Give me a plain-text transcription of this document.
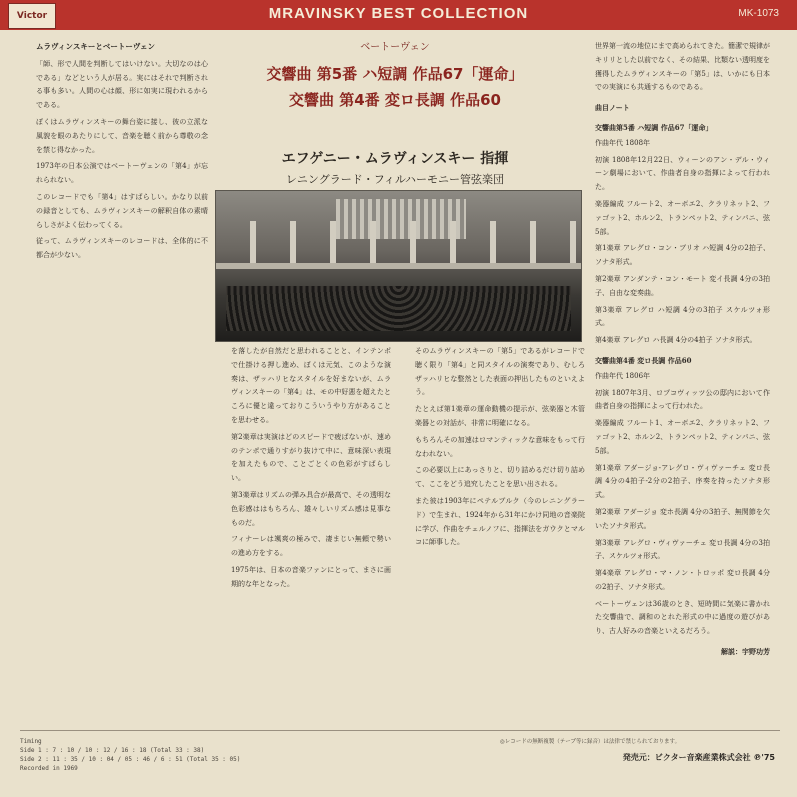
Victor	MRAVINSKY BEST COLLECTION	MK-1073
ベートーヴェン
交響曲 第5番 ハ短調 作品67「運命」
交響曲 第4番 変ロ長調 作品60
エフゲニー・ムラヴィンスキー 指揮
レニングラード・フィルハーモニー管弦楽団
ムラヴィンスキーとベートーヴェン

「師、形で人間を判断してはいけない。大切なのは心である」などという人が居る。実にはそれで判断される事も多い。人間の心は顔、形に如実に現われるからである。

ぼくはムラヴィンスキーの舞台姿に接し、彼の立派な風貌を眼のあたりにして、音楽を聴く前から尊敬の念を禁じ得なかった。

1973年の日本公演ではベートーヴェンの「第4」が忘れられない。

このレコードでも「第4」はすばらしい。かなり以前の録音としても、ムラヴィンスキーの解釈自体の素晴らしさがよく伝わってくる。

従って、ムラヴィンスキーのレコードは、全体的に不都合が少ない。

を落したが自然だと思われることと、インテンポで仕掛ける押し進め、ぼくは元気、このような演奏は、ザッハリヒなスタイルを好まないが、ムラヴィンスキーの「第4」は、モの中好悪を超えたところに優と違っておりこういうやり方があることを思わせる。

第2楽章は実演はどのスピードで疲ばないが、速めのテンポで通りすがり抜けて中に、意味深い表現を加えたもので、ことごとくの色彩がすばらしい。

第3楽章はリズムの弾み具合が最高で、その透明な色彩感ははもちろん、雄々しいリズム感は見事なものだ。

フィナーレは颯爽の極みで、凄まじい無頼で勢いの進め方をする。

1975年は、日本の音楽ファンにとって、まさに画期的な年となった。

そのムラヴィンスキーの「第5」であるがレコードで聴く限り「第4」と同スタイルの演奏であり、むしろザッハリヒな整然とした表面の押出したものといえよう。

たとえば第1楽章の運命動機の提示が、弦楽器と木管楽器との対話が、非常に明確になる。

もちろんその加速はロマンティックな意味をもって行なわれない。

この必要以上にあっさりと、切り詰めるだけ切り詰めて、ここをどう追究したことを思い出される。

また彼は1903年にペテルブルク（今のレニングラード）で生まれ、1924年から31年にかけ同地の音楽院に学び、作曲をチェルノフに、指揮法をガウクとマルコに師事した。

世界第一流の地位にまで高められてきた。簡潔で規律がキリリとした以前でなく、その結果、比類ない透明度を獲得したムラヴィンスキーの「第5」は、いかにも日本での実演にも共通するものである。

曲目ノート
交響曲第5番 ハ短調 作品67「運命」

作曲年代 1808年

初演 1808年12月22日、ウィーンのアン・デル・ウィーン劇場において、作曲者自身の指揮によって行われた。

楽器編成 フルート2、オーボエ2、クラリネット2、ファゴット2、ホルン2、トランペット2、ティンパニ、弦5部。

第1楽章 アレグロ・コン・ブリオ ハ短調 4分の2拍子、ソナタ形式。

第2楽章 アンダンテ・コン・モート 変イ長調 4分の3拍子、自由な変奏曲。

第3楽章 アレグロ ハ短調 4分の3拍子 スケルツォ形式。

第4楽章 アレグロ ハ長調 4分の4拍子 ソナタ形式。

交響曲第4番 変ロ長調 作品60

作曲年代 1806年

初演 1807年3月、ロプコヴィッツ公の邸内において作曲者自身の指揮によって行われた。

楽器編成 フルート1、オーボエ2、クラリネット2、ファゴット2、ホルン2、トランペット2、ティンパニ、弦5部。

第1楽章 アダージョ-アレグロ・ヴィヴァーチェ 変ロ長調 4分の4拍子-2分の2拍子、序奏を持ったソナタ形式。

第2楽章 アダージョ 変ホ長調 4分の3拍子、無関節を欠いたソナタ形式。

第3楽章 アレグロ・ヴィヴァーチェ 変ロ長調 4分の3拍子、スケルツォ形式。

第4楽章 アレグロ・マ・ノン・トロッポ 変ロ長調 4分の2拍子、ソナタ形式。

ベートーヴェンは36歳のとき、短時間に気楽に書かれた交響曲で、調和のとれた形式の中に過度の遊びがあり、古人好みの音楽といえるだろう。

解説：宇野功芳
Timing
Side 1 : 7 : 10 / 10 : 12 / 16 : 18 (Total 33 : 38)
Side 2 : 11 : 35 / 10 : 04 / 05 : 46 / 6 : 51 (Total 35 : 05)
Recorded in 1969
◎レコードの無断複製（テープ等に録音）は法律で禁じられております。
発売元：ビクター音楽産業株式会社 ℗'75
